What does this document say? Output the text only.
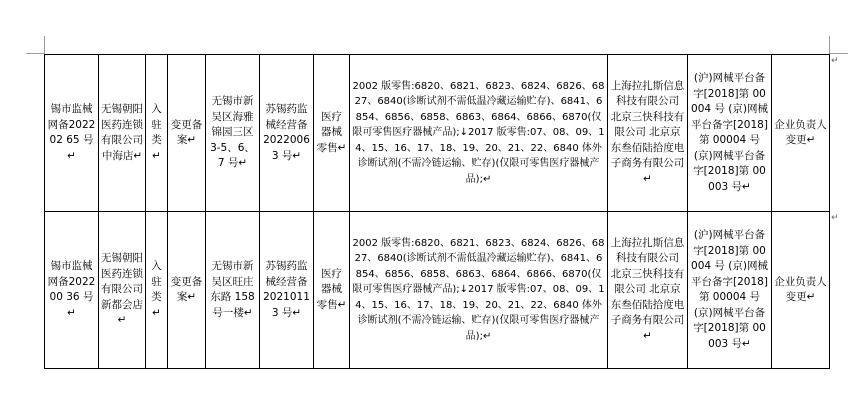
锡市监械网备202202 65 号↵	无锡朝阳医药连锁有限公司中海店↵	入驻类↵	变更备案↵	无锡市新吴区海雅锦园三区 3-5、6、7 号↵	苏锡药监械经营备 2022006 3 号↵	医疗器械零售↵	2002 版零售:6820、6821、6823、6824、6826、6827、6840(诊断试剂不需低温冷藏运输贮存)、6841、6854、6856、6858、6863、6864、6866、6870(仅限可零售医疗器械产品);↓2017 版零售:07、08、09、14、15、16、17、18、19、20、21、22、6840 体外诊断试剂(不需冷链运输、贮存)(仅限可零售医疗器械产品);↵	上海拉扎斯信息科技有限公司 北京三快科技有限公司 北京京东叁佰陆拾度电子商务有限公司↵	(沪)网械平台备字[2018]第 00004 号 (京)网械平台备字[2018]第 00004 号 (京)网械平台备字[2018]第 00003 号↵	企业负责人变更↵
锡市监械网备202200 36 号↵	无锡朝阳医药连锁有限公司新都会店↵	入驻类↵	变更备案↵	无锡市新吴区旺庄东路 158 号一楼↵	苏锡药监械经营备 2021011 3 号↵	医疗器械零售↵	2002 版零售:6820、6821、6823、6824、6826、6827、6840(诊断试剂不需低温冷藏运输贮存)、6841、6854、6856、6858、6863、6864、6866、6870(仅限可零售医疗器械产品);↓2017 版零售:07、08、09、14、15、16、17、18、19、20、21、22、6840 体外诊断试剂(不需冷链运输、贮存)(仅限可零售医疗器械产品);↵	上海拉扎斯信息科技有限公司 北京三快科技有限公司 北京京东叁佰陆拾度电子商务有限公司↵	(沪)网械平台备字[2018]第 00004 号 (京)网械平台备字[2018]第 00004 号 (京)网械平台备字[2018]第 00003 号↵	企业负责人变更↵
↵
↵
